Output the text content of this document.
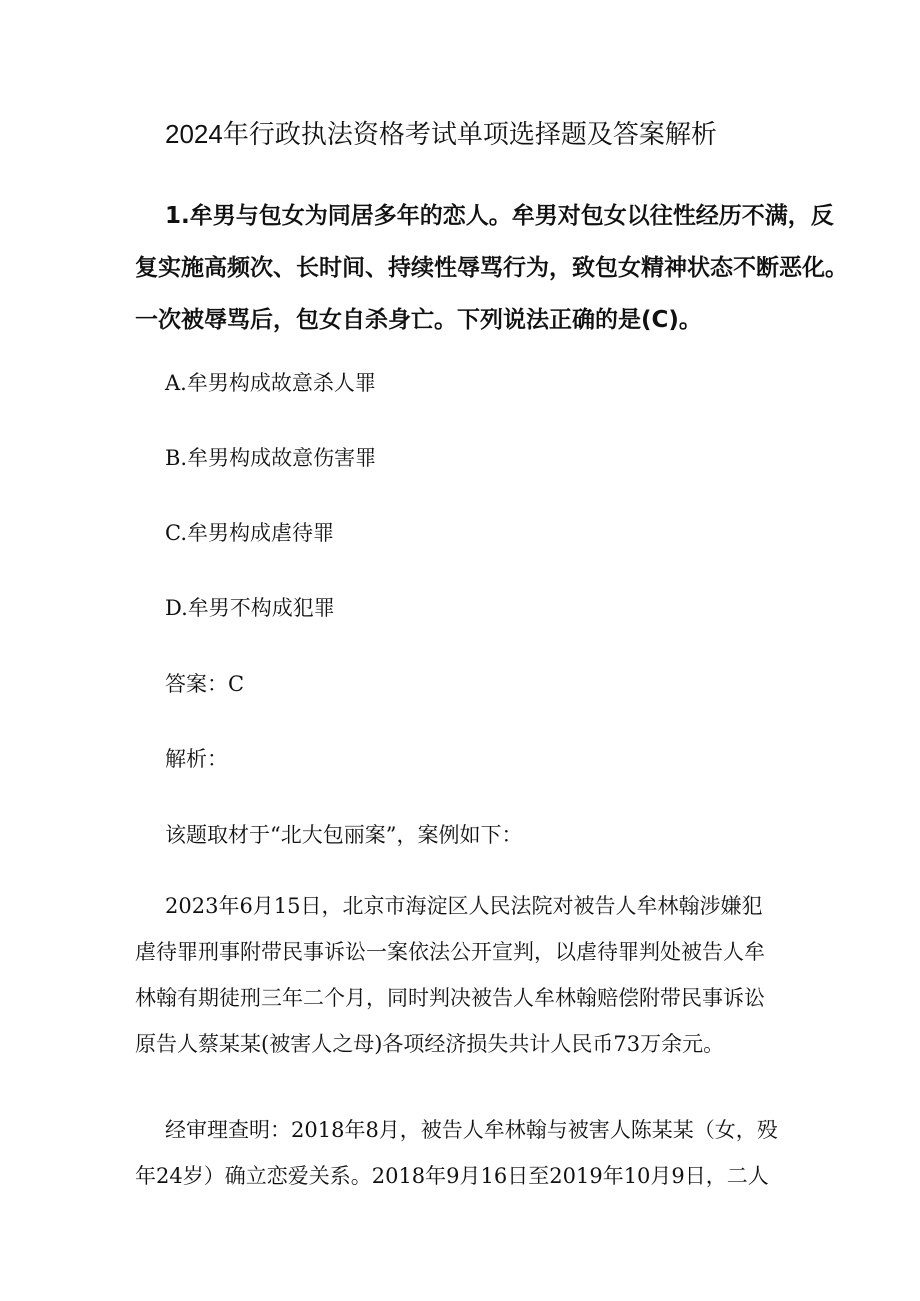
2024年行政执法资格考试单项选择题及答案解析
1.牟男与包女为同居多年的恋人。牟男对包女以往性经历不满，反
复实施高频次、长时间、持续性辱骂行为，致包女精神状态不断恶化。
一次被辱骂后，包女自杀身亡。下列说法正确的是(C)。
A.牟男构成故意杀人罪
B.牟男构成故意伤害罪
C.牟男构成虐待罪
D.牟男不构成犯罪
答案：C
解析：
该题取材于“北大包丽案”，案例如下：
2023年6月15日，北京市海淀区人民法院对被告人牟林翰涉嫌犯
虐待罪刑事附带民事诉讼一案依法公开宣判，以虐待罪判处被告人牟
林翰有期徒刑三年二个月，同时判决被告人牟林翰赔偿附带民事诉讼
原告人蔡某某(被害人之母)各项经济损失共计人民币73万余元。
经审理查明：2018年8月，被告人牟林翰与被害人陈某某（女，殁
年24岁）确立恋爱关系。2018年9月16日至2019年10月9日，二人
